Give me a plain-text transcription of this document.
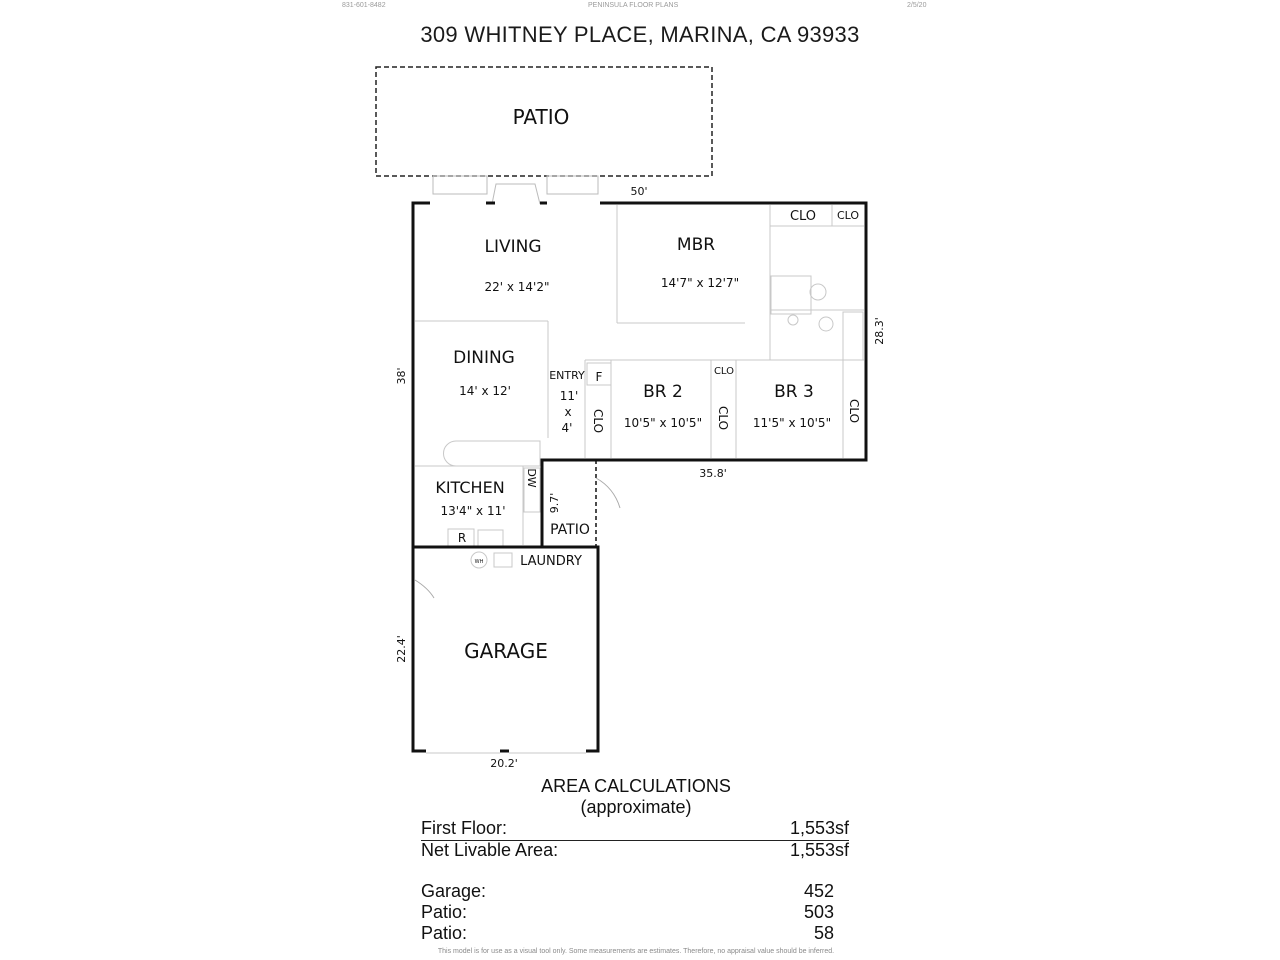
831-601-8482	PENINSULA FLOOR PLANS	2/5/20
309 WHITNEY PLACE, MARINA, CA 93933
PATIO
LIVING
22' x 14'2"
MBR
14'7" x 12'7"
CLO CLO
DINING
14' x 12'
ENTRY
11'
x
4'
F
CLO
BR 2
10'5" x 10'5"
CLO
CLO
BR 3
11'5" x 10'5" CLO
KITCHEN
13'4" x 11'
DW
R	PATIO
LAUNDRY
WH
GARAGE
50'
38'
28.3'
35.8'
9.7'
22.4'
20.2'
AREA CALCULATIONS
(approximate)
First Floor:	1,553sf
Net Livable Area:	1,553sf
Garage:	452
Patio:	503
Patio:	58
This model is for use as a visual tool only. Some measurements are estimates. Therefore, no appraisal value should be inferred.
